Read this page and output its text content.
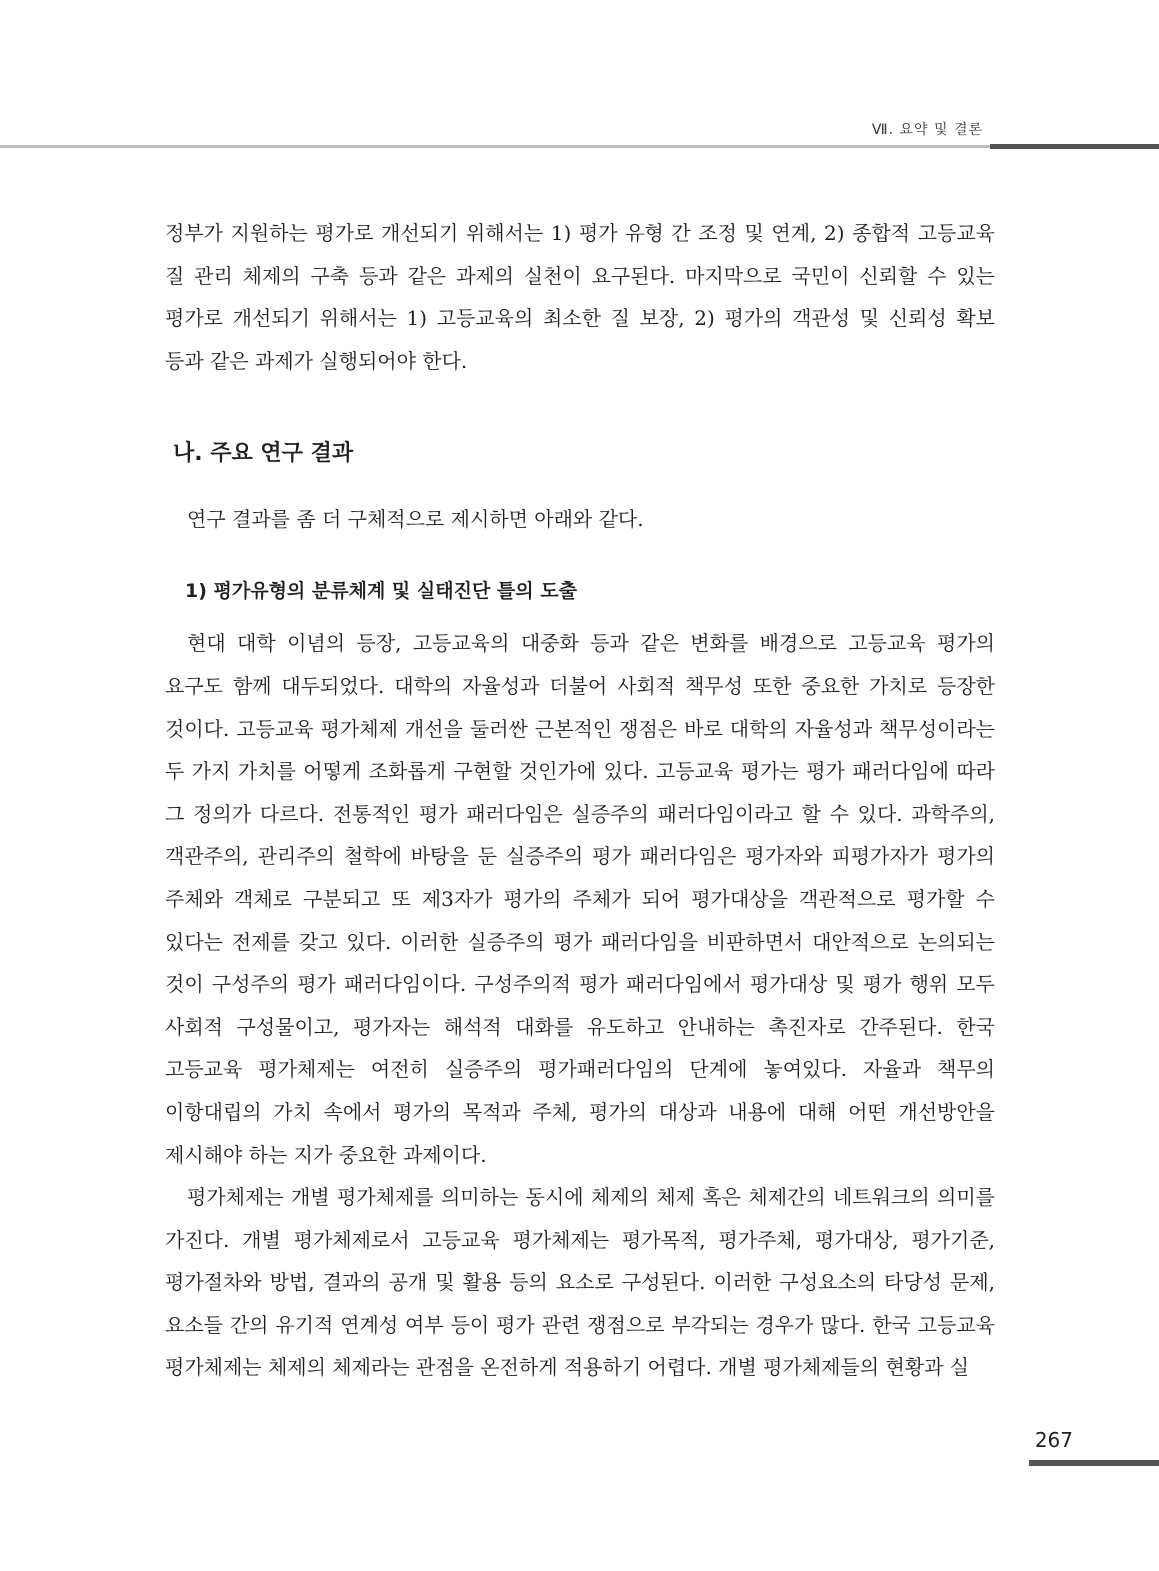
Ⅶ. 요약 및 결론

정부가 지원하는 평가로 개선되기 위해서는 1) 평가 유형 간 조정 및 연계, 2) 종합적 고등교육 질 관리 체제의 구축 등과 같은 과제의 실천이 요구된다. 마지막으로 국민이 신뢰할 수 있는 평가로 개선되기 위해서는 1) 고등교육의 최소한 질 보장, 2) 평가의 객관성 및 신뢰성 확보 등과 같은 과제가 실행되어야 한다.

나. 주요 연구 결과

연구 결과를 좀 더 구체적으로 제시하면 아래와 같다.

1) 평가유형의 분류체계 및 실태진단 틀의 도출

현대 대학 이념의 등장, 고등교육의 대중화 등과 같은 변화를 배경으로 고등교육 평가의 요구도 함께 대두되었다. 대학의 자율성과 더불어 사회적 책무성 또한 중요한 가치로 등장한 것이다. 고등교육 평가체제 개선을 둘러싼 근본적인 쟁점은 바로 대학의 자율성과 책무성이라는 두 가지 가치를 어떻게 조화롭게 구현할 것인가에 있다. 고등교육 평가는 평가 패러다임에 따라 그 정의가 다르다. 전통적인 평가 패러다임은 실증주의 패러다임이라고 할 수 있다. 과학주의, 객관주의, 관리주의 철학에 바탕을 둔 실증주의 평가 패러다임은 평가자와 피평가자가 평가의 주체와 객체로 구분되고 또 제3자가 평가의 주체가 되어 평가대상을 객관적으로 평가할 수 있다는 전제를 갖고 있다. 이러한 실증주의 평가 패러다임을 비판하면서 대안적으로 논의되는 것이 구성주의 평가 패러다임이다. 구성주의적 평가 패러다임에서 평가대상 및 평가 행위 모두 사회적 구성물이고, 평가자는 해석적 대화를 유도하고 안내하는 촉진자로 간주된다. 한국 고등교육 평가체제는 여전히 실증주의 평가패러다임의 단계에 놓여있다. 자율과 책무의 이항대립의 가치 속에서 평가의 목적과 주체, 평가의 대상과 내용에 대해 어떤 개선방안을 제시해야 하는 지가 중요한 과제이다.

평가체제는 개별 평가체제를 의미하는 동시에 체제의 체제 혹은 체제간의 네트워크의 의미를 가진다. 개별 평가체제로서 고등교육 평가체제는 평가목적, 평가주체, 평가대상, 평가기준, 평가절차와 방법, 결과의 공개 및 활용 등의 요소로 구성된다. 이러한 구성요소의 타당성 문제, 요소들 간의 유기적 연계성 여부 등이 평가 관련 쟁점으로 부각되는 경우가 많다. 한국 고등교육 평가체제는 체제의 체제라는 관점을 온전하게 적용하기 어렵다. 개별 평가체제들의 현황과 실

267
